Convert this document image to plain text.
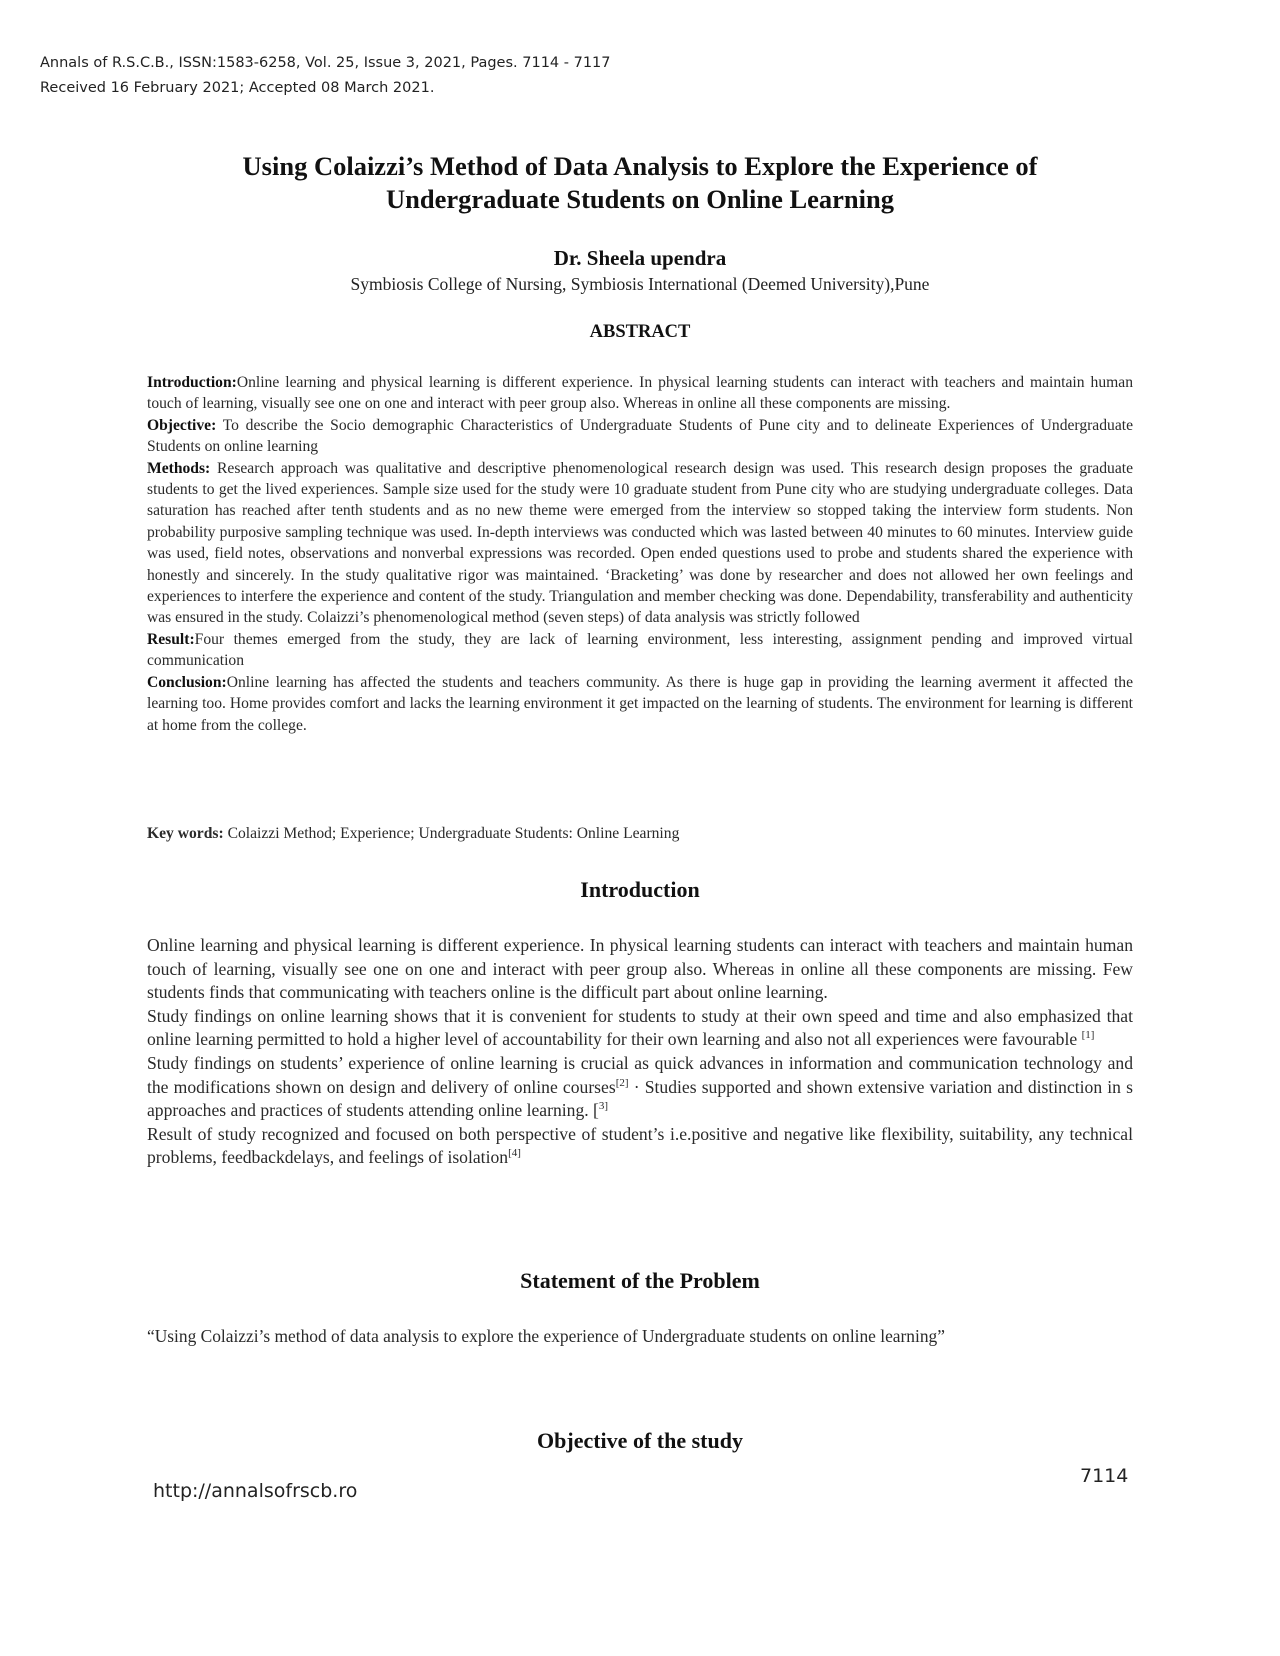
Annals of R.S.C.B., ISSN:1583-6258, Vol. 25, Issue 3, 2021, Pages. 7114 - 7117
Received 16 February 2021; Accepted 08 March 2021.
Using Colaizzi’s Method of Data Analysis to Explore the Experience of
Undergraduate Students on Online Learning
Dr. Sheela upendra
Symbiosis College of Nursing, Symbiosis International (Deemed University),Pune
ABSTRACT

Introduction:Online learning and physical learning is different experience. In physical learning students can interact with teachers and maintain human touch of learning, visually see one on one and interact with peer group also. Whereas in online all these components are missing.

Objective: To describe the Socio demographic Characteristics of Undergraduate Students of Pune city and to delineate Experiences of Undergraduate Students on online learning

Methods: Research approach was qualitative and descriptive phenomenological research design was used. This research design proposes the graduate students to get the lived experiences. Sample size used for the study were 10 graduate student from Pune city who are studying undergraduate colleges. Data saturation has reached after tenth students and as no new theme were emerged from the interview so stopped taking the interview form students. Non probability purposive sampling technique was used. In-depth interviews was conducted which was lasted between 40 minutes to 60 minutes. Interview guide was used, field notes, observations and nonverbal expressions was recorded. Open ended questions used to probe and students shared the experience with honestly and sincerely. In the study qualitative rigor was maintained. ‘Bracketing’ was done by researcher and does not allowed her own feelings and experiences to interfere the experience and content of the study. Triangulation and member checking was done. Dependability, transferability and authenticity was ensured in the study. Colaizzi’s phenomenological method (seven steps) of data analysis was strictly followed

Result:Four themes emerged from the study, they are lack of learning environment, less interesting, assignment pending and improved virtual communication

Conclusion:Online learning has affected the students and teachers community. As there is huge gap in providing the learning averment it affected the learning too. Home provides comfort and lacks the learning environment it get impacted on the learning of students. The environment for learning is different at home from the college.

Key words: Colaizzi Method; Experience; Undergraduate Students: Online Learning
Introduction

Online learning and physical learning is different experience. In physical learning students can interact with teachers and maintain human touch of learning, visually see one on one and interact with peer group also. Whereas in online all these components are missing. Few students finds that communicating with teachers online is the difficult part about online learning.

Study findings on online learning shows that it is convenient for students to study at their own speed and time and also emphasized that online learning permitted to hold a higher level of accountability for their own learning and also not all experiences were favourable [1]

Study findings on students’ experience of online learning is crucial as quick advances in information and communication technology and the modifications shown on design and delivery of online courses[2] · Studies supported and shown extensive variation and distinction in s approaches and practices of students attending online learning. [$^{3]}$

Result of study recognized and focused on both perspective of student’s i.e.positive and negative like flexibility, suitability, any technical problems, feedbackdelays, and feelings of isolation[4]

Statement of the Problem
“Using Colaizzi’s method of data analysis to explore the experience of Undergraduate students on online learning”
Objective of the study
http://annalsofrscb.ro
7114
